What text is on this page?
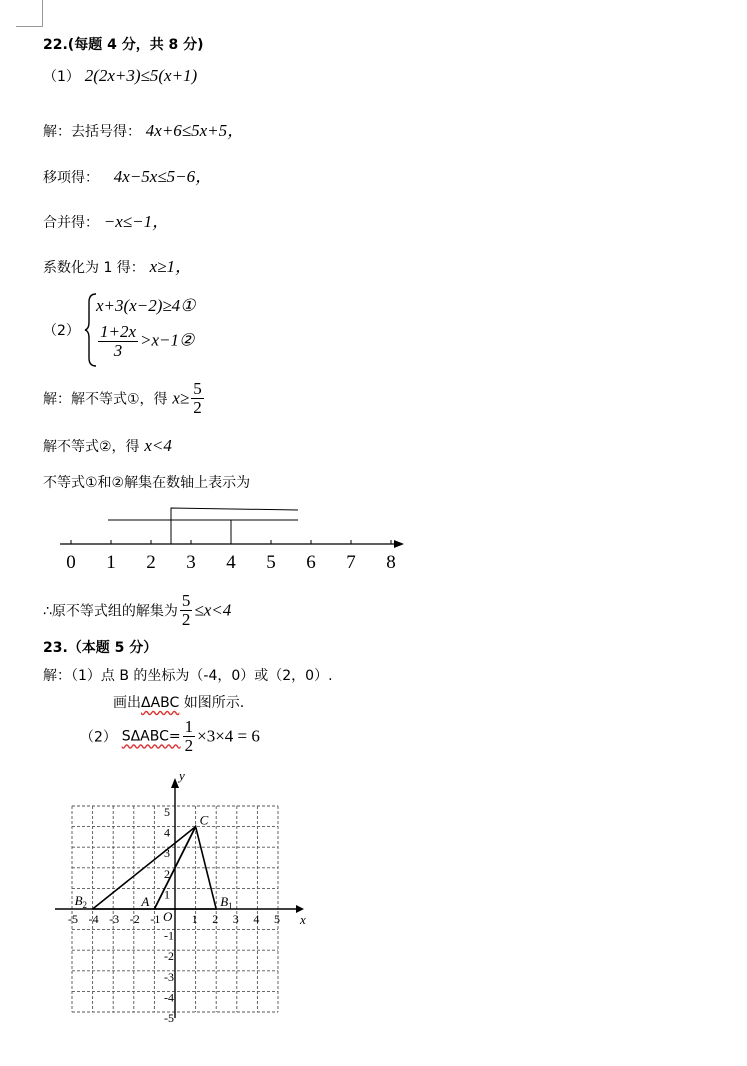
22.(每题 4 分，共 8 分)
（1） 2(2x+3)≤5(x+1)
解：去括号得： 4x+6≤5x+5，
移项得： 4x−5x≤5−6，
合并得： −x≤−1，
系数化为 1 得： x≥1，
（2）
x+3(x−2)≥4①
$\frac{1+2x}{3}$ >x−1②
解：解不等式①，得 $x\ge \frac{5}{2}$
解不等式②，得 x<4
不等式①和②解集在数轴上表示为
0 1 2 3 4 5 6 7 8
∴原不等式组的解集为 $\frac{5}{2} \le x<4$
23.（本题 5 分）
解：（1）点 B 的坐标为（-4，0）或（2，0）.
画出ΔABC 如图所示.
（2） $S\Delta ABC= \frac{1}{2} \times 3\times 4 = 6$
x
y
O
-5 -4 -3 -2 -1	1 2 3 4 5
5
4
3
2
1
-1
-2
-3
-4
-5
A
C
$B_1$
$B_2$
